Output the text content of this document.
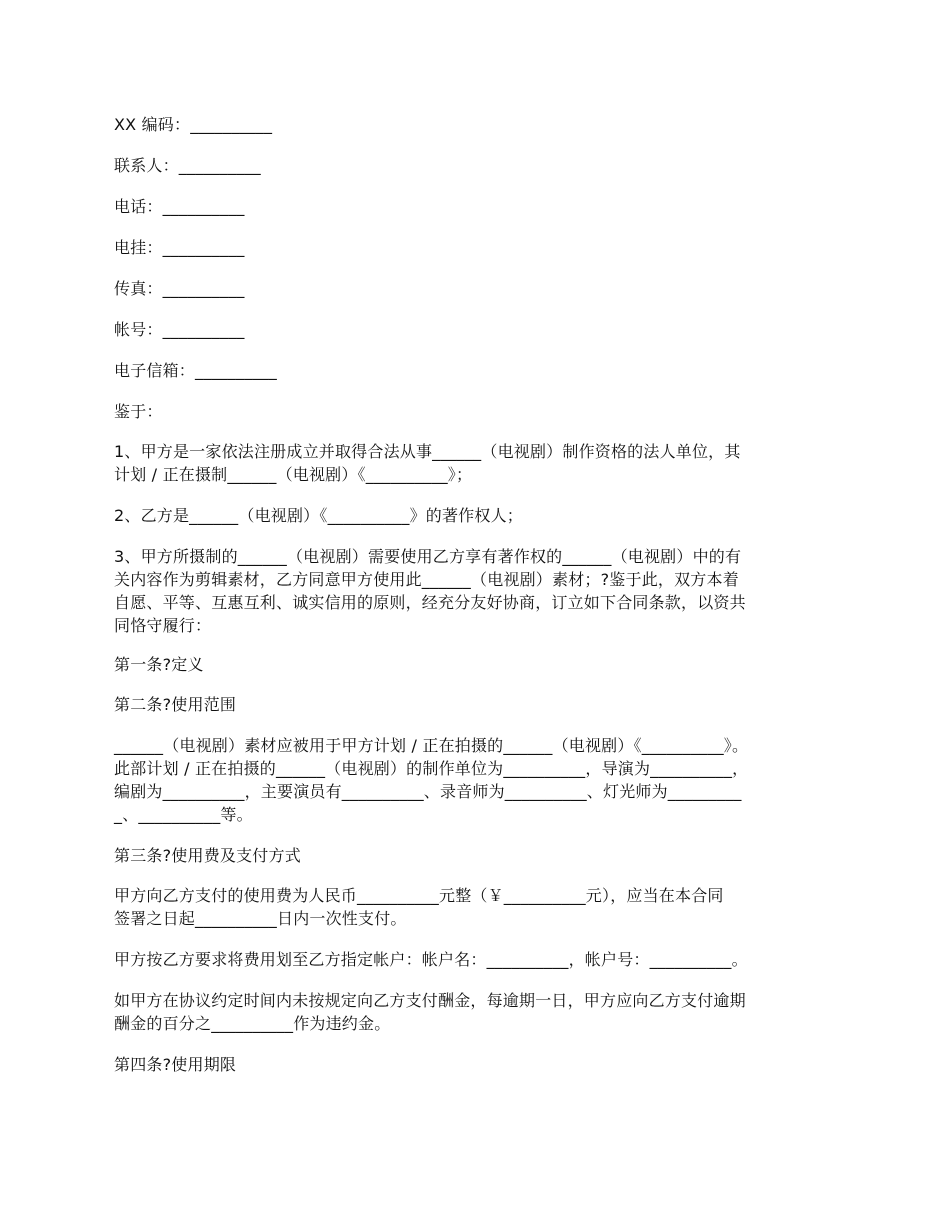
XX 编码：__________

联系人：__________

电话：__________

电挂：__________

传真：__________

帐号：__________

电子信箱：__________

鉴于：

1、甲方是一家依法注册成立并取得合法从事______（电视剧）制作资格的法人单位，其

计划 / 正在摄制______（电视剧）《__________》；

2、乙方是______（电视剧）《__________》的著作权人；

3、甲方所摄制的______（电视剧）需要使用乙方享有著作权的______（电视剧）中的有

关内容作为剪辑素材，乙方同意甲方使用此______（电视剧）素材；?鉴于此，双方本着

自愿、平等、互惠互利、诚实信用的原则，经充分友好协商，订立如下合同条款，以资共

同恪守履行：

第一条?定义

第二条?使用范围

______（电视剧）素材应被用于甲方计划 / 正在拍摄的______（电视剧）《__________》。

此部计划 / 正在拍摄的______（电视剧）的制作单位为__________，导演为__________，

编剧为__________，主要演员有__________、录音师为__________、灯光师为_________

_、__________等。

第三条?使用费及支付方式

甲方向乙方支付的使用费为人民币__________元整（￥__________元），应当在本合同

签署之日起__________日内一次性支付。

甲方按乙方要求将费用划至乙方指定帐户：帐户名：__________，帐户号：__________。

如甲方在协议约定时间内未按规定向乙方支付酬金，每逾期一日，甲方应向乙方支付逾期

酬金的百分之__________作为违约金。

第四条?使用期限
